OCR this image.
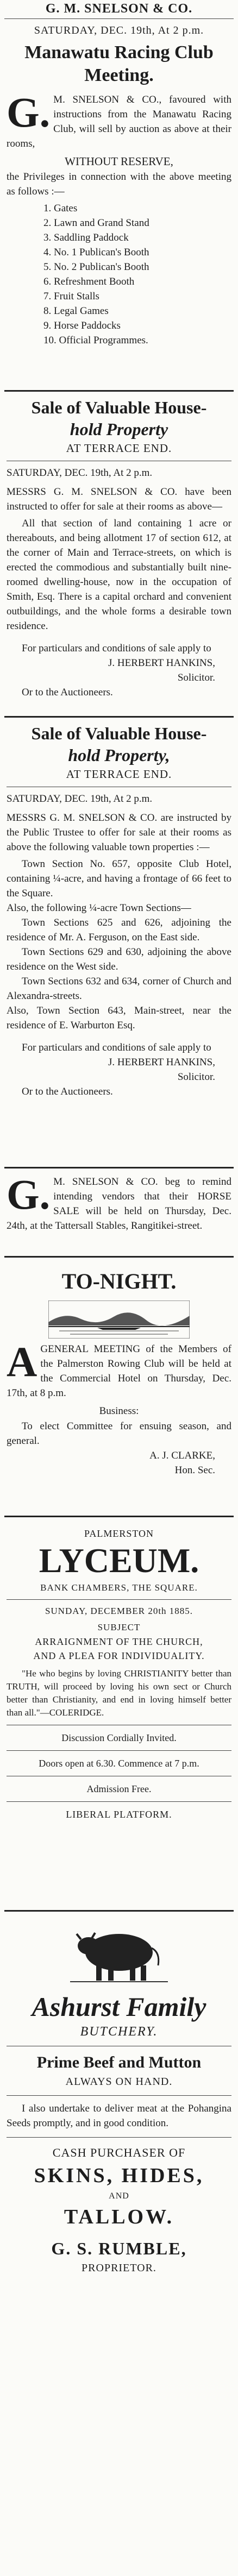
G. M. SNELSON & CO.
SATURDAY, DEC. 19th, At 2 p.m.
Manawatu Racing Club Meeting.
G. M. SNELSON & CO., favoured with instructions from the Manawatu Racing Club, will sell by auction as above at their rooms,
WITHOUT RESERVE,
the Privileges in connection with the above meeting as follows :—
1. Gates
2. Lawn and Grand Stand
3. Saddling Paddock
4. No. 1 Publican's Booth
5. No. 2 Publican's Booth
6. Refreshment Booth
7. Fruit Stalls
8. Legal Games
9. Horse Paddocks
10. Official Programmes.
Sale of Valuable House-
hold Property
AT TERRACE END.
SATURDAY, DEC. 19th, At 2 p.m.
MESSRS G. M. SNELSON & CO. have been instructed to offer for sale at their rooms as above—
All that section of land containing 1 acre or thereabouts, and being allotment 17 of section 612, at the corner of Main and Terrace-streets, on which is erected the commodious and substantially built nine-roomed dwelling-house, now in the occupation of Smith, Esq. There is a capital orchard and convenient outbuildings, and the whole forms a desirable town residence.
For particulars and conditions of sale apply to
J. HERBERT HANKINS,
Solicitor.
Or to the Auctioneers.
Sale of Valuable House-
hold Property,
AT TERRACE END.
SATURDAY, DEC. 19th, At 2 p.m.
MESSRS G. M. SNELSON & CO. are instructed by the Public Trustee to offer for sale at their rooms as above the following valuable town properties :—
Town Section No. 657, opposite Club Hotel, containing ¼-acre, and having a frontage of 66 feet to the Square.
Also, the following ¼-acre Town Sections—
Town Sections 625 and 626, adjoining the residence of Mr. A. Ferguson, on the East side.
Town Sections 629 and 630, adjoining the above residence on the West side.
Town Sections 632 and 634, corner of Church and Alexandra-streets.
Also, Town Section 643, Main-street, near the residence of E. Warburton Esq.
For particulars and conditions of sale apply to
J. HERBERT HANKINS,
Solicitor.
Or to the Auctioneers.
G. M. SNELSON & CO. beg to remind intending vendors that their HORSE SALE will be held on Thursday, Dec. 24th, at the Tattersall Stables, Rangitikei-street.
TO-NIGHT.
A GENERAL MEETING of the Members of the Palmerston Rowing Club will be held at the Commercial Hotel on Thursday, Dec. 17th, at 8 p.m.
Business:
To elect Committee for ensuing season, and general.
A. J. CLARKE,
Hon. Sec.
PALMERSTON
LYCEUM.
BANK CHAMBERS, THE SQUARE.
SUNDAY, DECEMBER 20th 1885.
SUBJECT
ARRAIGNMENT OF THE CHURCH,
AND A PLEA FOR INDIVIDUALITY.
"He who begins by loving CHRISTIANITY better than TRUTH, will proceed by loving his own sect or Church better than Christianity, and end in loving himself better than all."—COLERIDGE.
Discussion Cordially Invited.
Doors open at 6.30. Commence at 7 p.m.
Admission Free.
LIBERAL PLATFORM.
Ashurst Family
BUTCHERY.
Prime Beef and Mutton
ALWAYS ON HAND.
I also undertake to deliver meat at the Pohangina Seeds promptly, and in good condition.
CASH PURCHASER OF
SKINS, HIDES,
AND
TALLOW.
G. S. RUMBLE,
PROPRIETOR.
